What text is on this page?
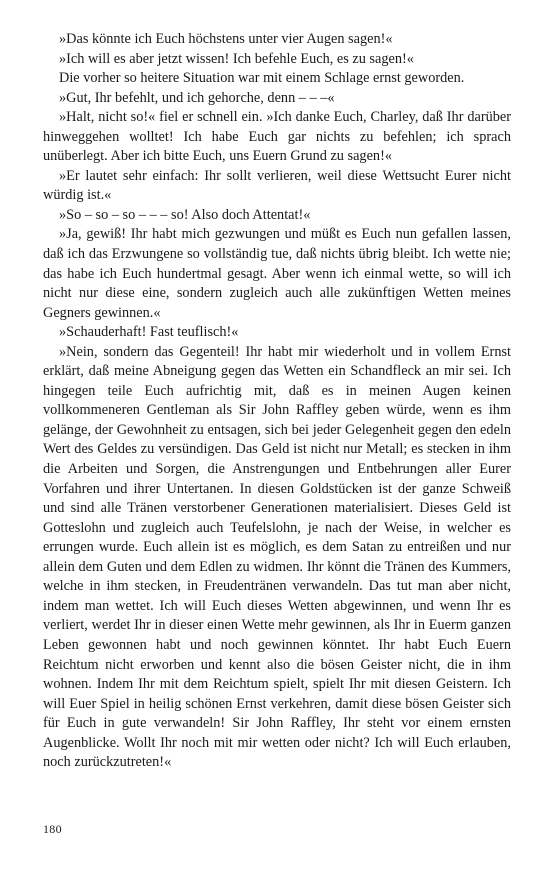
»Das könnte ich Euch höchstens unter vier Augen sagen!«

»Ich will es aber jetzt wissen! Ich befehle Euch, es zu sagen!«

Die vorher so heitere Situation war mit einem Schlage ernst geworden.

»Gut, Ihr befehlt, und ich gehorche, denn – – –«

»Halt, nicht so!« fiel er schnell ein. »Ich danke Euch, Charley, daß Ihr darüber hinweggehen wolltet! Ich habe Euch gar nichts zu befehlen; ich sprach unüberlegt. Aber ich bitte Euch, uns Euern Grund zu sagen!«

»Er lautet sehr einfach: Ihr sollt verlieren, weil diese Wettsucht Eurer nicht würdig ist.«

»So – so – so – – – so! Also doch Attentat!«

»Ja, gewiß! Ihr habt mich gezwungen und müßt es Euch nun gefallen lassen, daß ich das Erzwungene so vollständig tue, daß nichts übrig bleibt. Ich wette nie; das habe ich Euch hundertmal gesagt. Aber wenn ich einmal wette, so will ich nicht nur diese eine, sondern zugleich auch alle zukünftigen Wetten meines Gegners gewinnen.«

»Schauderhaft! Fast teuflisch!«

»Nein, sondern das Gegenteil! Ihr habt mir wiederholt und in vollem Ernst erklärt, daß meine Abneigung gegen das Wetten ein Schandfleck an mir sei. Ich hingegen teile Euch aufrichtig mit, daß es in meinen Augen keinen vollkommeneren Gentleman als Sir John Raffley geben würde, wenn es ihm gelänge, der Gewohnheit zu entsagen, sich bei jeder Gelegenheit gegen den edeln Wert des Geldes zu versündigen. Das Geld ist nicht nur Metall; es stecken in ihm die Arbeiten und Sorgen, die Anstrengungen und Entbehrungen aller Eurer Vorfahren und ihrer Untertanen. In diesen Goldstücken ist der ganze Schweiß und sind alle Tränen verstorbener Generationen materialisiert. Dieses Geld ist Gotteslohn und zugleich auch Teufelslohn, je nach der Weise, in welcher es errungen wurde. Euch allein ist es möglich, es dem Satan zu entreißen und nur allein dem Guten und dem Edlen zu widmen. Ihr könnt die Tränen des Kummers, welche in ihm stecken, in Freudentränen verwandeln. Das tut man aber nicht, indem man wettet. Ich will Euch dieses Wetten abgewinnen, und wenn Ihr es verliert, werdet Ihr in dieser einen Wette mehr gewinnen, als Ihr in Euerm ganzen Leben gewonnen habt und noch gewinnen könntet. Ihr habt Euch Euern Reichtum nicht erworben und kennt also die bösen Geister nicht, die in ihm wohnen. Indem Ihr mit dem Reichtum spielt, spielt Ihr mit diesen Geistern. Ich will Euer Spiel in heilig schönen Ernst verkehren, damit diese bösen Geister sich für Euch in gute verwandeln! Sir John Raffley, Ihr steht vor einem ernsten Augenblicke. Wollt Ihr noch mit mir wetten oder nicht? Ich will Euch erlauben, noch zurückzutreten!«

180
